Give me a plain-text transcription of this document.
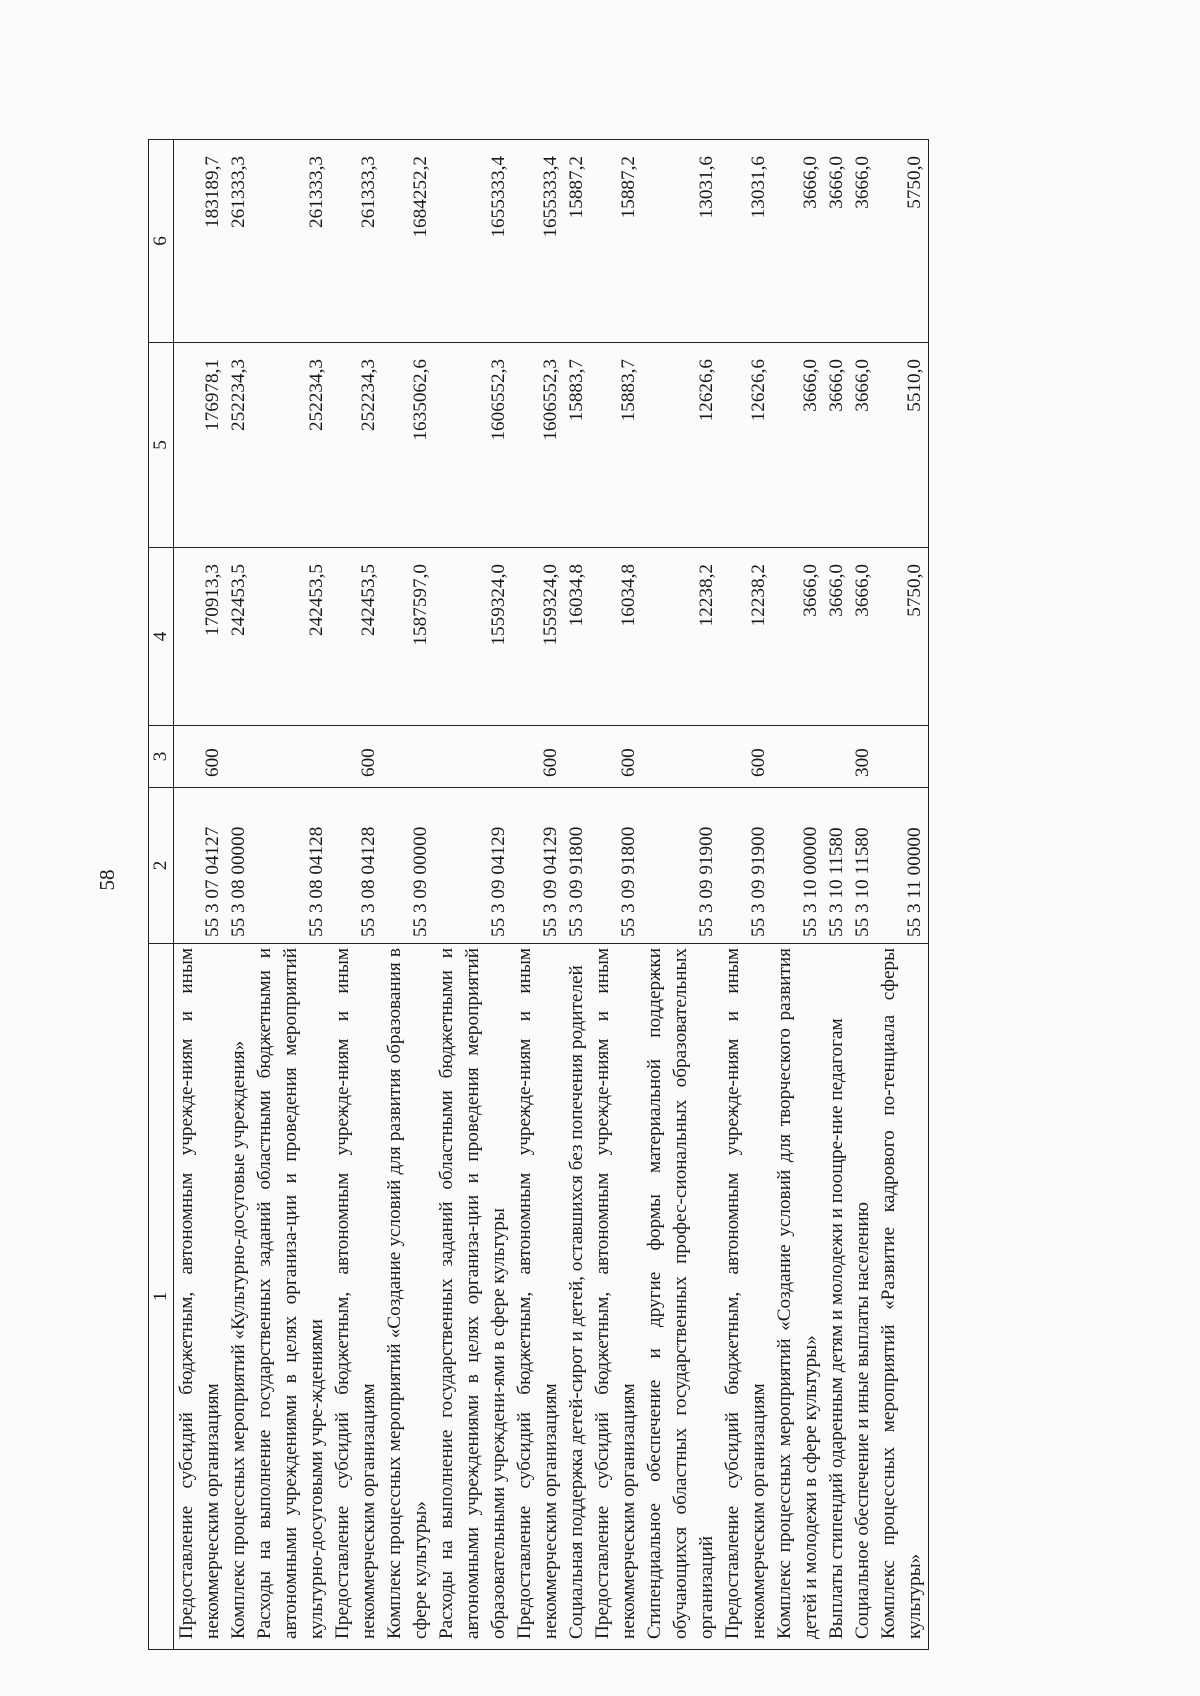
58
1	2	3	4	5	6
Предоставление субсидий бюджетным, автономным учрежде-ниям и иным некоммерческим организациям	55 3 07 04127	600	170913,3	176978,1	183189,7
Комплекс процессных мероприятий «Культурно-досуговые учреждения»	55 3 08 00000		242453,5	252234,3	261333,3
Расходы на выполнение государственных заданий областными бюджетными и автономными учреждениями в целях организа-ции и проведения мероприятий культурно-досуговыми учре-ждениями	55 3 08 04128		242453,5	252234,3	261333,3
Предоставление субсидий бюджетным, автономным учрежде-ниям и иным некоммерческим организациям	55 3 08 04128	600	242453,5	252234,3	261333,3
Комплекс процессных мероприятий «Создание условий для развития образования в сфере культуры»	55 3 09 00000		1587597,0	1635062,6	1684252,2
Расходы на выполнение государственных заданий областными бюджетными и автономными учреждениями в целях организа-ции и проведения мероприятий образовательными учреждени-ями в сфере культуры	55 3 09 04129		1559324,0	1606552,3	1655333,4
Предоставление субсидий бюджетным, автономным учрежде-ниям и иным некоммерческим организациям	55 3 09 04129	600	1559324,0	1606552,3	1655333,4
Социальная поддержка детей-сирот и детей, оставшихся без попечения родителей	55 3 09 91800		16034,8	15883,7	15887,2
Предоставление субсидий бюджетным, автономным учрежде-ниям и иным некоммерческим организациям	55 3 09 91800	600	16034,8	15883,7	15887,2
Стипендиальное обеспечение и другие формы материальной поддержки обучающихся областных государственных профес-сиональных образовательных организаций	55 3 09 91900		12238,2	12626,6	13031,6
Предоставление субсидий бюджетным, автономным учрежде-ниям и иным некоммерческим организациям	55 3 09 91900	600	12238,2	12626,6	13031,6
Комплекс процессных мероприятий «Создание условий для творческого развития детей и молодежи в сфере культуры»	55 3 10 00000		3666,0	3666,0	3666,0
Выплаты стипендий одаренным детям и молодежи и поощре-ние педагогам	55 3 10 11580		3666,0	3666,0	3666,0
Социальное обеспечение и иные выплаты населению	55 3 10 11580	300	3666,0	3666,0	3666,0
Комплекс процессных мероприятий «Развитие кадрового по-тенциала сферы культуры»	55 3 11 00000		5750,0	5510,0	5750,0
